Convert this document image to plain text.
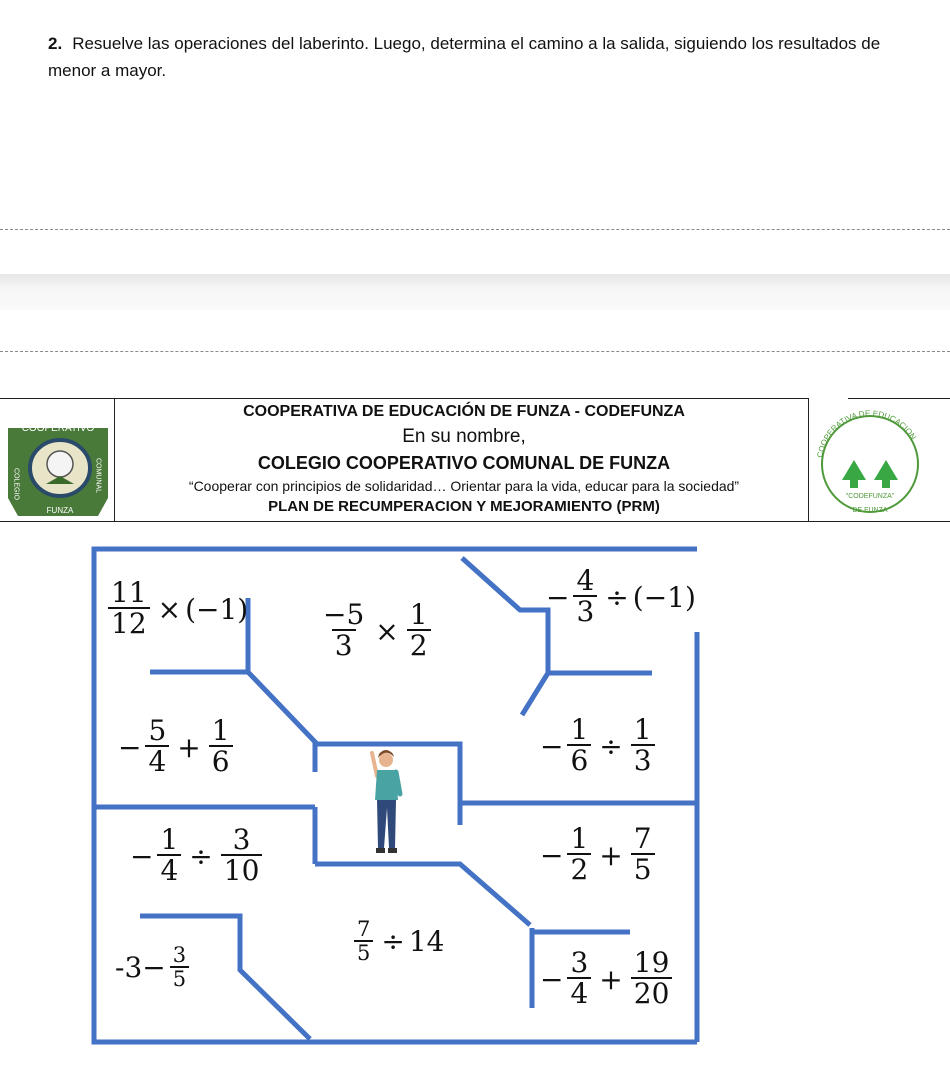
2. Resuelve las operaciones del laberinto. Luego, determina el camino a la salida, siguiendo los resultados de menor a mayor.
COOPERATIVO
COLEGIO	COMUNAL
FUNZA
COOPERATIVA DE EDUCACIÓN DE FUNZA - CODEFUNZA
En su nombre,
COLEGIO COOPERATIVO COMUNAL DE FUNZA
“Cooperar con principios de solidaridad… Orientar para la vida, educar para la sociedad”
PLAN DE RECUMPERACION Y MEJORAMIENTO (PRM)
COOPERATIVA DE EDUCACION
"CODEFUNZA"
DE FUNZA
$\frac{11}{12} \times (-1)$	$\frac{-5}{3} \times \frac{1}{2}$
− $\frac{4}{3} \div (-1)$
− $\frac{5}{4} + \frac{1}{6}$	− $\frac{1}{6} \div \frac{1}{3}$
− $\frac{1}{4} \div \frac{3}{10}$	− $\frac{1}{2} + \frac{7}{5}$
$-3- \frac{3}{5}$
$\frac{7}{5} \div 14$
− $\frac{3}{4} + \frac{19}{20}$
